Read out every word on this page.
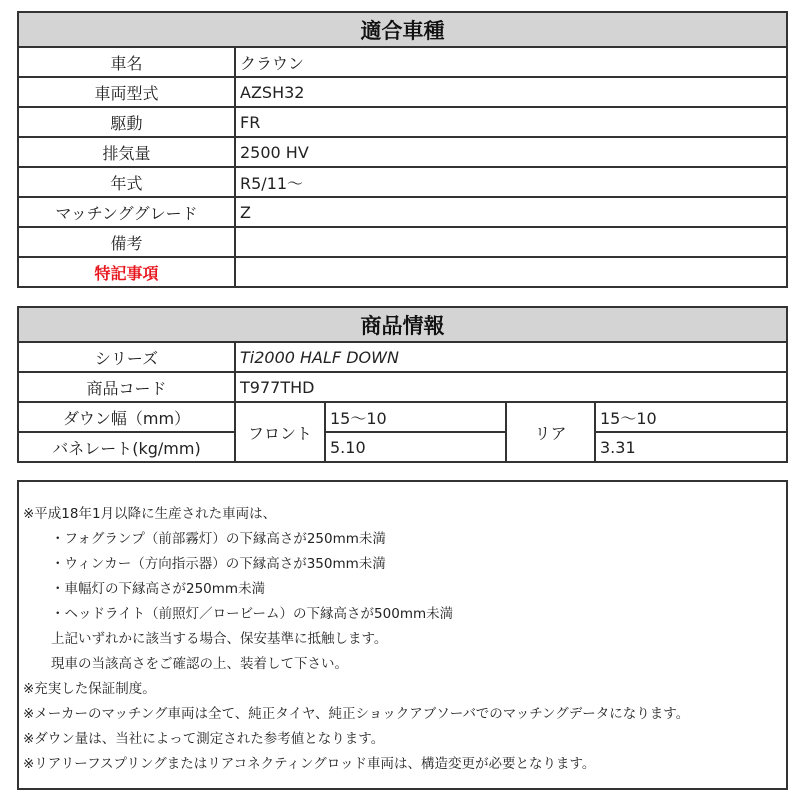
適合車種	
車名	クラウン
車両型式	AZSH32
駆動	FR
排気量	2500 HV
年式	R5/11～
マッチンググレード	Z
備考	
特記事項	
商品情報				
シリーズ	Ti2000 HALF DOWN			
商品コード	T977THD			
ダウン幅（mm）	フロント	15～10	リア	15～10
バネレート(kg/mm)		5.10		3.31
※平成18年1月以降に生産された車両は、
・フォグランプ（前部霧灯）の下縁高さが250mm未満
・ウィンカー（方向指示器）の下縁高さが350mm未満
・車幅灯の下縁高さが250mm未満
・ヘッドライト（前照灯／ロービーム）の下縁高さが500mm未満
上記いずれかに該当する場合、保安基準に抵触します。
現車の当該高さをご確認の上、装着して下さい。
※充実した保証制度。
※メーカーのマッチング車両は全て、純正タイヤ、純正ショックアブソーバでのマッチングデータになります。
※ダウン量は、当社によって測定された参考値となります。
※リアリーフスプリングまたはリアコネクティングロッド車両は、構造変更が必要となります。
